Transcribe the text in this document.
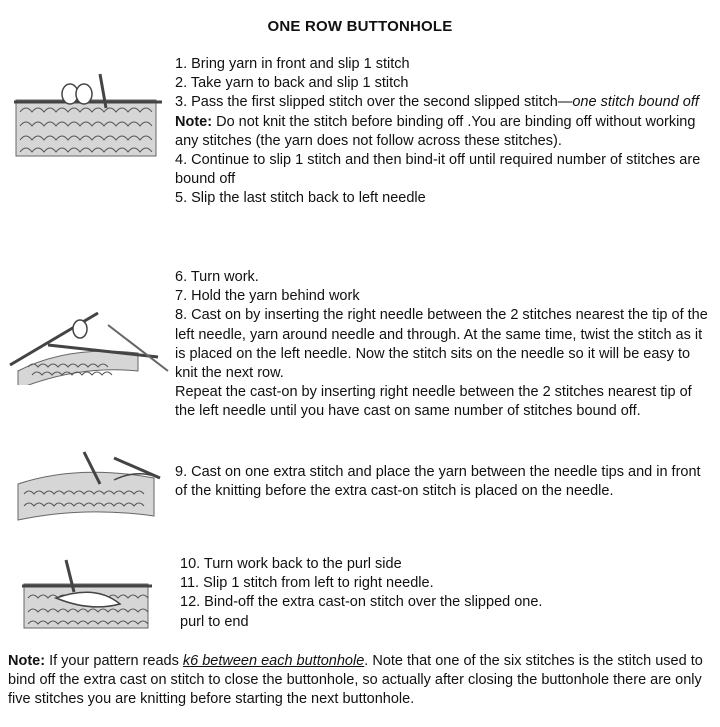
ONE ROW BUTTONHOLE

1. Bring yarn in front and slip 1 stitch

2. Take yarn to back and slip 1 stitch

3. Pass the first slipped stitch over the second slipped stitch—one stitch bound off

Note: Do not knit the stitch before binding off .You are binding off without working any stitches (the yarn does not follow across these stitches).

4. Continue to slip 1 stitch and then bind-it off until required number of stitches are bound off

5. Slip the last stitch back to left needle

6. Turn work.

7. Hold the yarn behind work

8. Cast on by inserting the right needle between the 2 stitches nearest the tip of the left needle, yarn around needle and through. At the same time, twist the stitch as it is placed on the left needle. Now the stitch sits on the needle so it will be easy to knit the next row.

Repeat the cast-on by inserting right needle between the 2 stitches nearest tip of the left needle until you have cast on same number of stitches bound off.

9. Cast on one extra stitch and place the yarn between the needle tips and in front of the knitting before the extra cast-on stitch is placed on the needle.

10. Turn work back to the purl side

11. Slip 1 stitch from left to right needle.

12. Bind-off the extra cast-on stitch over the slipped one.

purl to end

Note: If your pattern reads k6 between each buttonhole. Note that one of the six stitches is the stitch used to bind off the extra cast on stitch to close the buttonhole, so actually after closing the buttonhole there are only five stitches you are knitting before starting the next buttonhole.
